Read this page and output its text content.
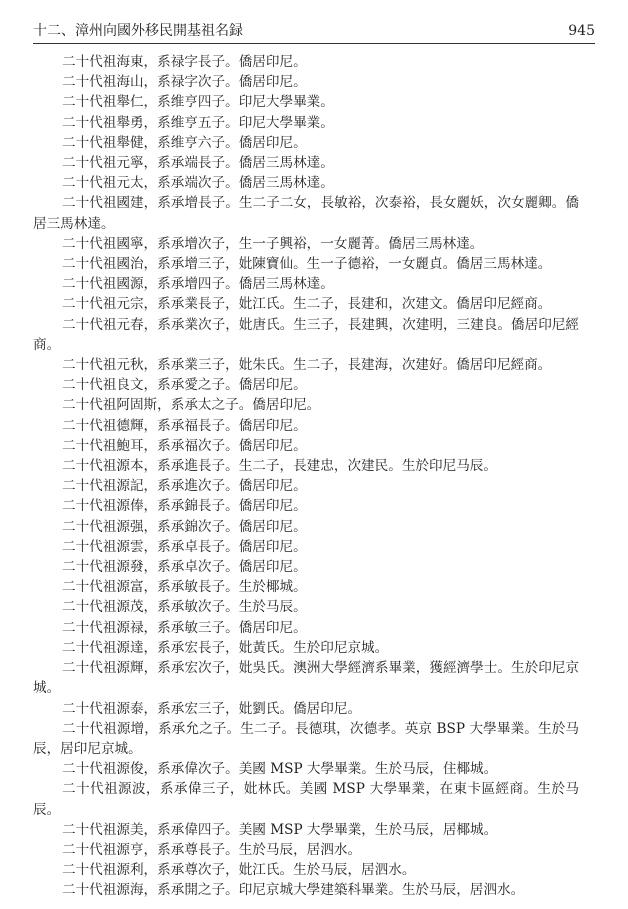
十二、漳州向國外移民開基祖名録	945

二十代祖海東，系禄字長子。僑居印尼。

二十代祖海山，系禄字次子。僑居印尼。

二十代祖舉仁，系维亨四子。印尼大學畢業。

二十代祖舉勇，系维亨五子。印尼大學畢業。

二十代祖舉健，系维亨六子。僑居印尼。

二十代祖元寧，系承端長子。僑居三馬林達。

二十代祖元太，系承端次子。僑居三馬林達。

二十代祖國建，系承增長子。生二子二女，長敏裕，次泰裕，長女麗妖，次女麗卿。僑居三馬林達。

二十代祖國寧，系承增次子，生一子興裕，一女麗菁。僑居三馬林達。

二十代祖國治，系承增三子，妣陳寶仙。生一子德裕，一女麗貞。僑居三馬林達。

二十代祖國源，系承增四子。僑居三馬林達。

二十代祖元宗，系承業長子，妣江氏。生二子，長建和，次建文。僑居印尼經商。

二十代祖元春，系承業次子，妣唐氏。生三子，長建興，次建明，三建良。僑居印尼經商。

二十代祖元秋，系承業三子，妣朱氏。生二子，長建海，次建好。僑居印尼經商。

二十代祖良文，系承愛之子。僑居印尼。

二十代祖阿固斯，系承太之子。僑居印尼。

二十代祖德輝，系承福長子。僑居印尼。

二十代祖鮑耳，系承福次子。僑居印尼。

二十代祖源本，系承進長子。生二子，長建忠，次建民。生於印尼马辰。

二十代祖源記，系承進次子。僑居印尼。

二十代祖源俸，系承錦長子。僑居印尼。

二十代祖源强，系承錦次子。僑居印尼。

二十代祖源雲，系承卓長子。僑居印尼。

二十代祖源發，系承卓次子。僑居印尼。

二十代祖源富，系承敏長子。生於椰城。

二十代祖源茂，系承敏次子。生於马辰。

二十代祖源禄，系承敏三子。僑居印尼。

二十代祖源達，系承宏長子，妣黃氏。生於印尼京城。

二十代祖源輝，系承宏次子，妣吳氏。澳洲大學經濟系畢業，獲經濟學士。生於印尼京城。

二十代祖源泰，系承宏三子，妣劉氏。僑居印尼。

二十代祖源增，系承允之子。生二子。長德琪，次德孝。英京 BSP 大學畢業。生於马辰，居印尼京城。

二十代祖源俊，系承偉次子。美國 MSP 大學畢業。生於马辰，住椰城。

二十代祖源波，系承偉三子，妣林氏。美國 MSP 大學畢業，在東卡區經商。生於马辰。

二十代祖源美，系承偉四子。美國 MSP 大學畢業，生於马辰，居椰城。

二十代祖源亨，系承尊長子。生於马辰，居泗水。

二十代祖源利，系承尊次子，妣江氏。生於马辰，居泗水。

二十代祖源海，系承開之子。印尼京城大學建築科畢業。生於马辰，居泗水。
